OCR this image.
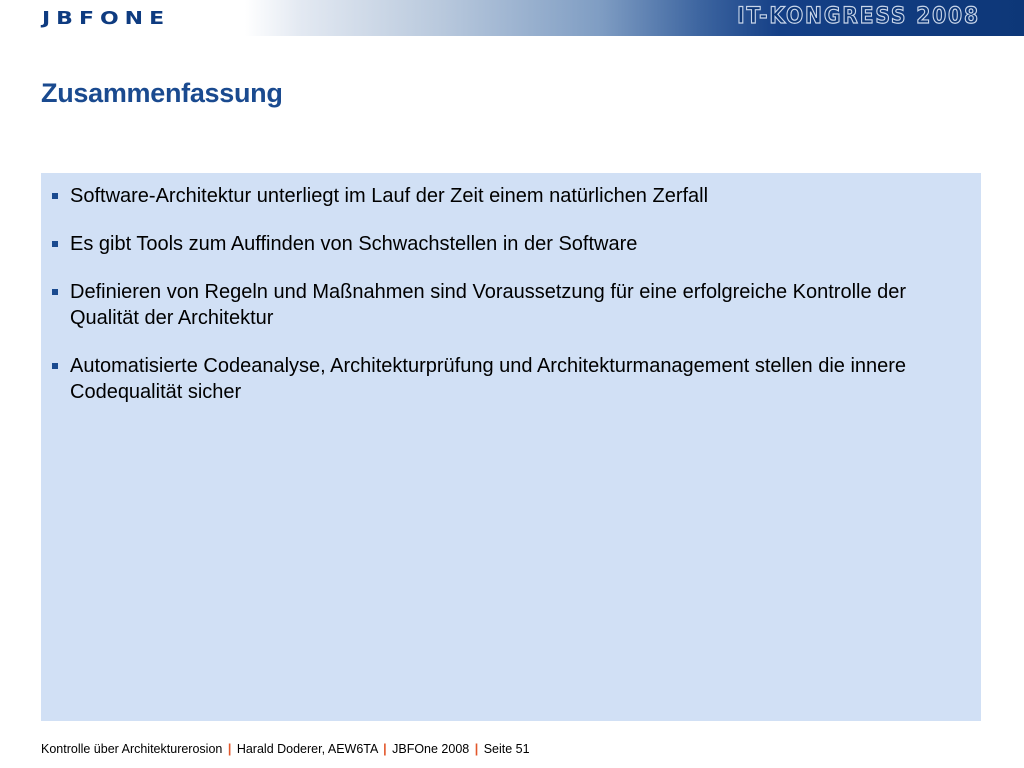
JBFONE	IT-KONGRESS 2008
Zusammenfassung
Software-Architektur unterliegt im Lauf der Zeit einem natürlichen Zerfall
Es gibt Tools zum Auffinden von Schwachstellen in der Software
Definieren von Regeln und Maßnahmen sind Voraussetzung für eine erfolgreiche Kontrolle der Qualität der Architektur
Automatisierte Codeanalyse, Architekturprüfung und Architekturmanagement stellen die innere Codequalität sicher
Kontrolle über Architekturerosion | Harald Doderer, AEW6TA | JBFOne 2008 | Seite 51
